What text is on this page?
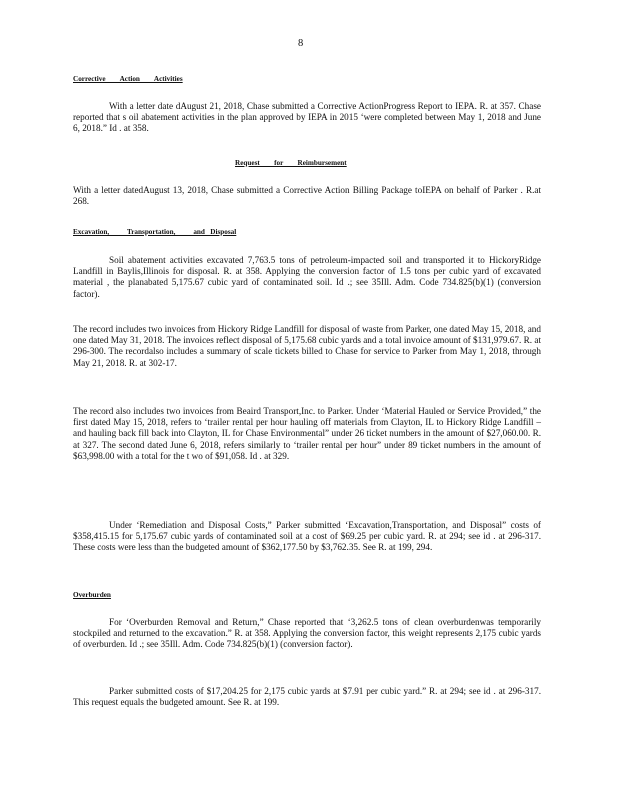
8
Corrective        Action        Activities
With a letter date dAugust 21, 2018, Chase submitted a Corrective ActionProgress Report to IEPA. R. at 357. Chase reported that s oil abatement activities in the plan approved by IEPA in 2015 ‘were completed between May 1, 2018 and June 6, 2018.” Id . at 358.
Request        for        Reimbursement
With a letter datedAugust 13, 2018, Chase submitted a Corrective Action Billing Package toIEPA on behalf of Parker . R.at 268.
Excavation,          Transportation,          and   Disposal
Soil abatement activities excavated 7,763.5 tons of petroleum-impacted soil and transported it to HickoryRidge Landfill in Baylis,Illinois for disposal. R. at 358. Applying the conversion factor of 1.5 tons per cubic yard of excavated material , the planabated 5,175.67 cubic yard of contaminated soil. Id .; see 35Ill. Adm. Code 734.825(b)(1) (conversion factor).
The record includes two invoices from Hickory Ridge Landfill for disposal of waste from Parker, one dated May 15, 2018, and one dated May 31, 2018. The invoices reflect disposal of 5,175.68 cubic yards and a total invoice amount of $131,979.67. R. at 296-300. The recordalso includes a summary of scale tickets billed to Chase for service to Parker from May 1, 2018, through May 21, 2018. R. at 302-17.
The record also includes two invoices from Beaird Transport,Inc. to Parker. Under ‘Material Hauled or Service Provided,” the first dated May 15, 2018, refers to ‘trailer rental per hour hauling off materials from Clayton, IL to Hickory Ridge Landfill – and hauling back fill back into Clayton, IL for Chase Environmental” under 26 ticket numbers in the amount of $27,060.00. R. at 327. The second dated June 6, 2018, refers similarly to ‘trailer rental per hour” under 89 ticket numbers in the amount of $63,998.00 with a total for the t wo of $91,058. Id . at 329.
Under ‘Remediation and Disposal Costs,” Parker submitted ‘Excavation,Transportation, and Disposal” costs of $358,415.15 for 5,175.67 cubic yards of contaminated soil at a cost of $69.25 per cubic yard. R. at 294; see id . at 296-317. These costs were less than the budgeted amount of $362,177.50 by $3,762.35. See R. at 199, 294.
Overburden
For ‘Overburden Removal and Return,” Chase reported that ‘3,262.5 tons of clean overburdenwas temporarily stockpiled and returned to the excavation.” R. at 358. Applying the conversion factor, this weight represents 2,175 cubic yards of overburden. Id .; see 35Ill. Adm. Code 734.825(b)(1) (conversion factor).
Parker submitted costs of $17,204.25 for 2,175 cubic yards at $7.91 per cubic yard.” R. at 294; see id . at 296-317. This request equals the budgeted amount. See R. at 199.
